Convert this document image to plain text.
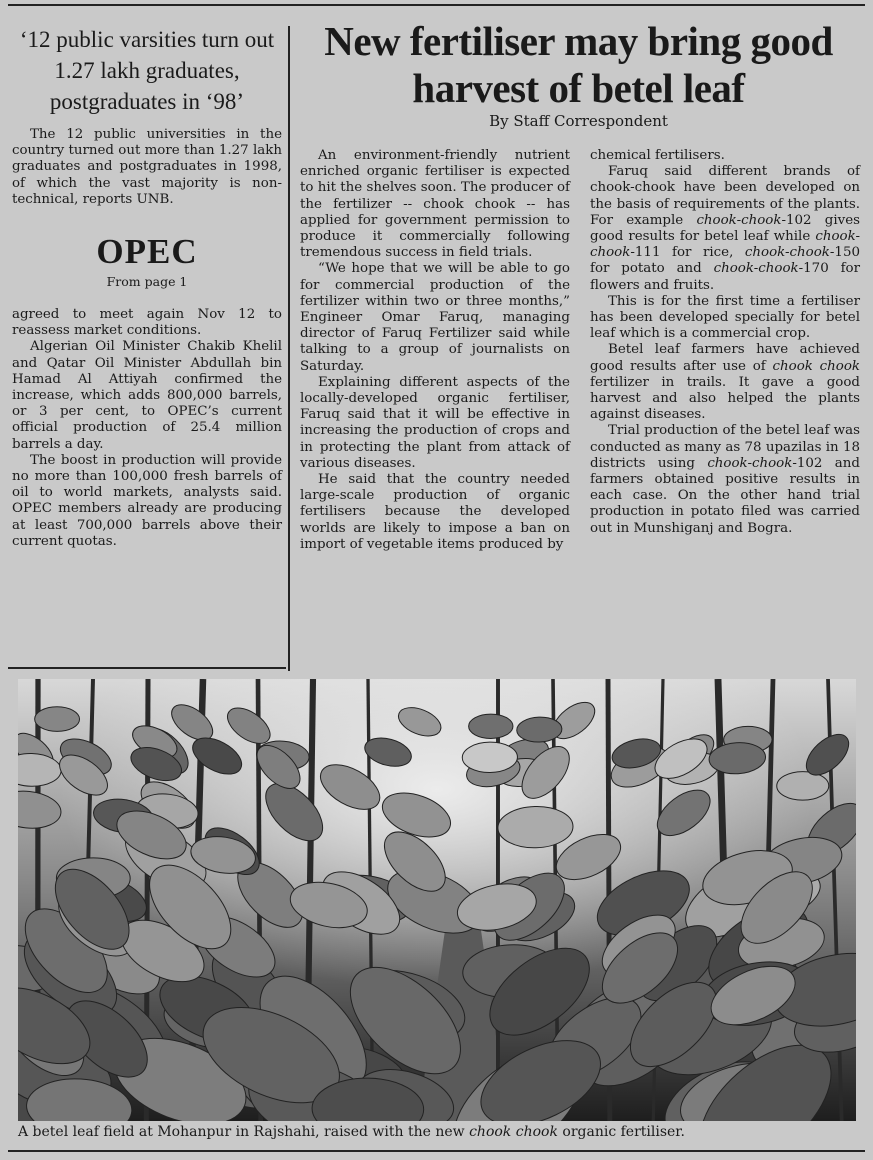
‘12 public varsities turn out 1.27 lakh graduates, postgraduates in ‘98’

The 12 public universities in the country turned out more than 1.27 lakh graduates and postgraduates in 1998, of which the vast majority is non-technical, reports UNB.

OPEC
From page 1

agreed to meet again Nov 12 to reassess market conditions.

Algerian Oil Minister Chakib Khelil and Qatar Oil Minister Abdullah bin Hamad Al Attiyah confirmed the increase, which adds 800,000 barrels, or 3 per cent, to OPEC’s current official production of 25.4 million barrels a day.

The boost in production will provide no more than 100,000 fresh barrels of oil to world markets, analysts said. OPEC members already are producing at least 700,000 barrels above their current quotas.

New fertiliser may bring good harvest of betel leaf
By Staff Correspondent

An environment-friendly nutrient enriched organic fertiliser is expected to hit the shelves soon. The producer of the fertilizer -- chook chook -- has applied for government permission to produce it commercially following tremendous success in field trials.

“We hope that we will be able to go for commercial production of the fertilizer within two or three months,” Engineer Omar Faruq, managing director of Faruq Fertilizer said while talking to a group of journalists on Saturday.

Explaining different aspects of the locally-developed organic fertiliser, Faruq said that it will be effective in increasing the production of crops and in protecting the plant from attack of various diseases.

He said that the country needed large-scale production of organic fertilisers because the developed worlds are likely to impose a ban on import of vegetable items produced by

chemical fertilisers.

Faruq said different brands of chook-chook have been developed on the basis of requirements of the plants. For example chook-chook-102 gives good results for betel leaf while chook-chook-111 for rice, chook-chook-150 for potato and chook-chook-170 for flowers and fruits.

This is for the first time a fertiliser has been developed specially for betel leaf which is a commercial crop.

Betel leaf farmers have achieved good results after use of chook chook fertilizer in trails. It gave a good harvest and also helped the plants against diseases.

Trial production of the betel leaf was conducted as many as 78 upazilas in 18 districts using chook-chook-102 and farmers obtained positive results in each case. On the other hand trial production in potato filed was carried out in Munshiganj and Bogra.

A betel leaf field at Mohanpur in Rajshahi, raised with the new chook chook organic fertiliser.
